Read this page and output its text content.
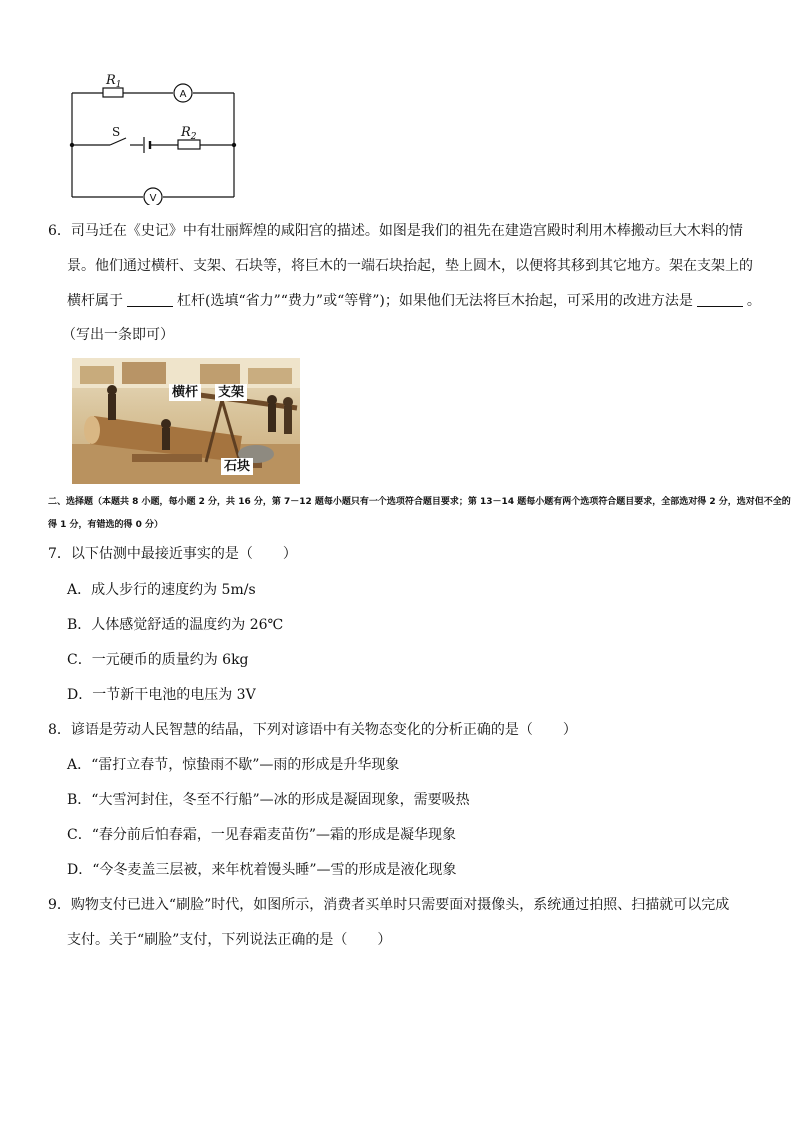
$R_1$
$R_2$
A
V
S
6．司马迁在《史记》中有壮丽辉煌的咸阳宫的描述。如图是我们的祖先在建造宫殿时利用木棒搬动巨大木料的情
景。他们通过横杆、支架、石块等，将巨木的一端石块抬起，垫上圆木，以便将其移到其它地方。架在支架上的
横杆属于	杠杆(选填“省力”“费力”或“等臂”)；如果他们无法将巨木抬起，可采用的改进方法是	。
（写出一条即可）
横杆 支架
石块
二、选择题（本题共 8 小题，每小题 2 分，共 16 分，第 7－12 题每小题只有一个选项符合题目要求；第 13－14 题每小题有两个选项符合题目要求，全部选对得 2 分，选对但不全的
得 1 分，有错选的得 0 分）
7．以下估测中最接近事实的是（ ）
A．成人步行的速度约为 5m/s
B．人体感觉舒适的温度约为 26℃
C．一元硬币的质量约为 6kg
D．一节新干电池的电压为 3V
8．谚语是劳动人民智慧的结晶，下列对谚语中有关物态变化的分析正确的是（ ）
A．“雷打立春节，惊蛰雨不歇”—雨的形成是升华现象
B．“大雪河封住，冬至不行船”—冰的形成是凝固现象，需要吸热
C．“春分前后怕春霜，一见春霜麦苗伤”—霜的形成是凝华现象
D．“今冬麦盖三层被，来年枕着馒头睡”—雪的形成是液化现象
9．购物支付已进入“刷脸”时代，如图所示，消费者买单时只需要面对摄像头，系统通过拍照、扫描就可以完成
支付。关于“刷脸”支付，下列说法正确的是（ ）
